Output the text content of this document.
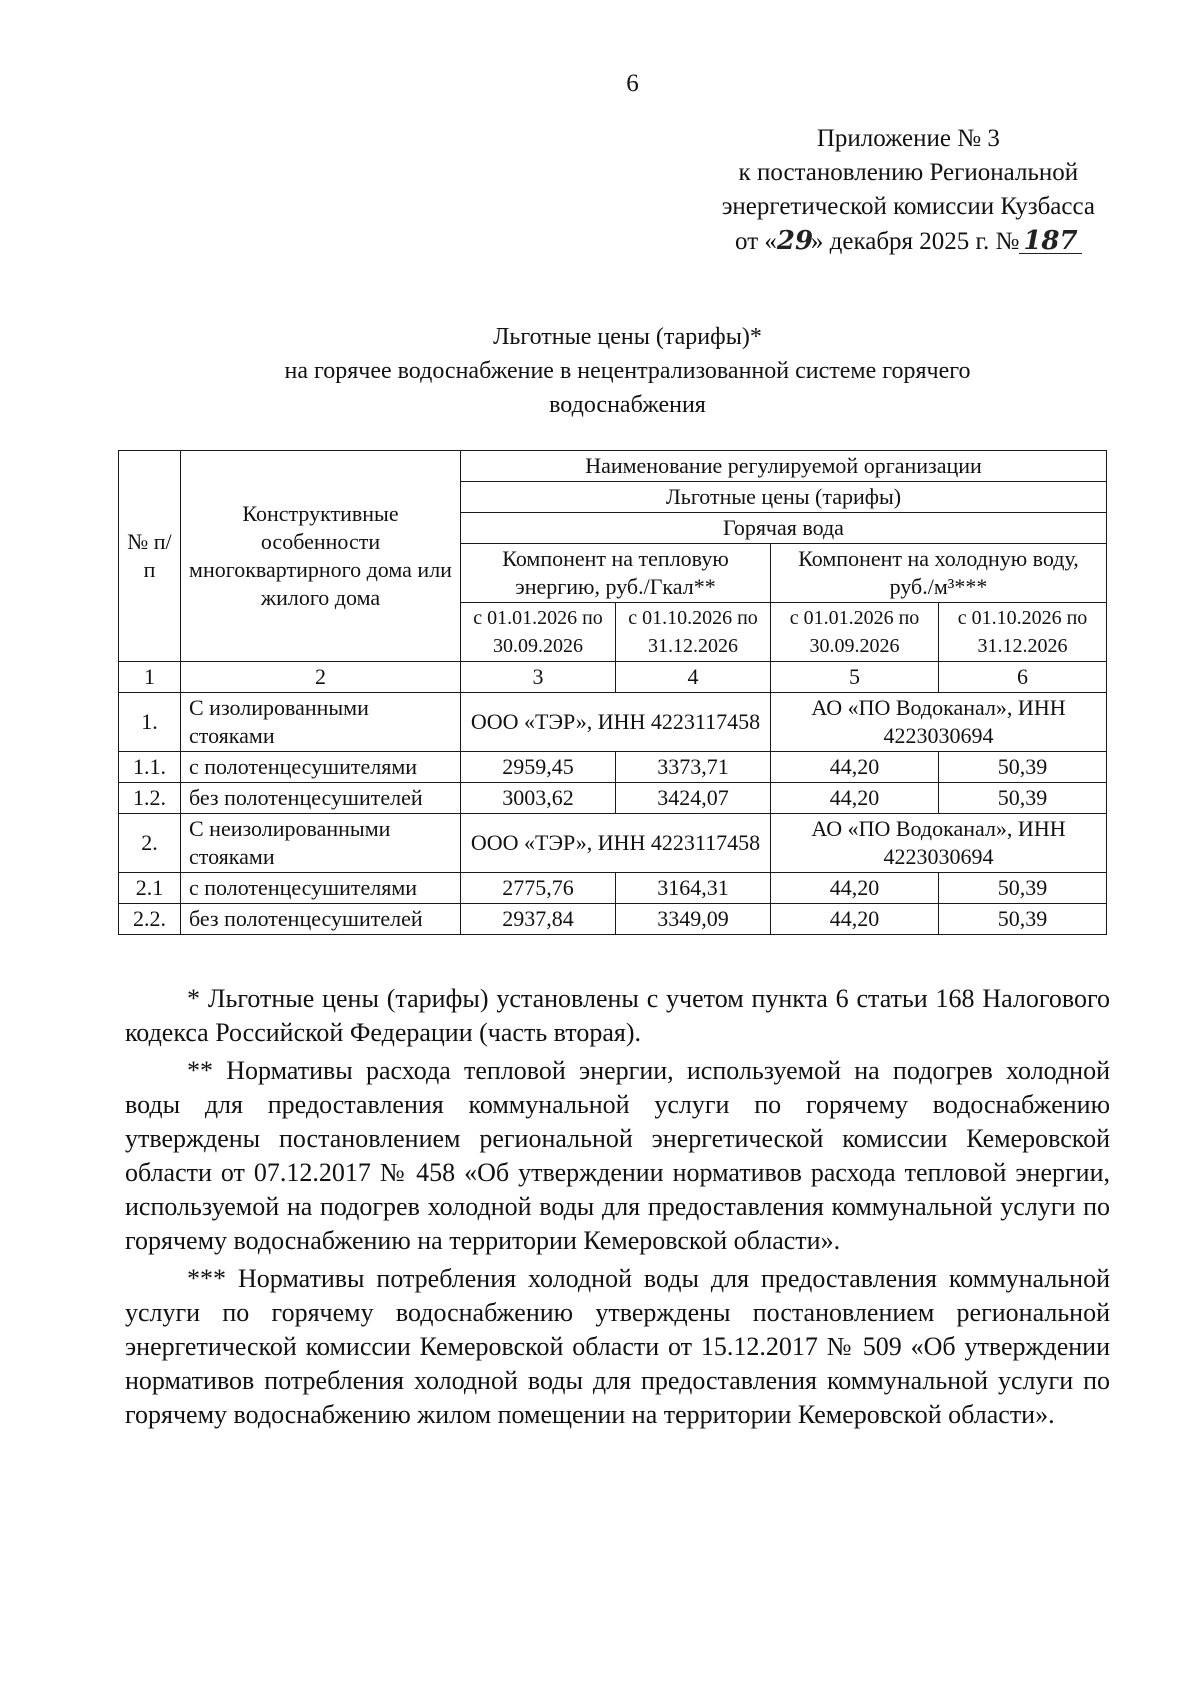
6
Приложение № 3
к постановлению Региональной
энергетической комиссии Кузбасса
от «29» декабря 2025 г. № 187
Льготные цены (тарифы)*
на горячее водоснабжение в нецентрализованной системе горячего
водоснабжения
№ п/п	Конструктивные особенности многоквартирного дома или жилого дома	Наименование регулируемой организации			
		Льготные цены (тарифы)			
		Горячая вода			
		Компонент на тепловую энергию, руб./Гкал**		Компонент на холодную воду, руб./м³***	
		с 01.01.2026 по 30.09.2026	с 01.10.2026 по 31.12.2026	с 01.01.2026 по 30.09.2026	с 01.10.2026 по 31.12.2026
1	2	3	4	5	6
1.	С изолированными стояками	ООО «ТЭР», ИНН 4223117458		АО «ПО Водоканал», ИНН 4223030694	
1.1.	с полотенцесушителями	2959,45	3373,71	44,20	50,39
1.2.	без полотенцесушителей	3003,62	3424,07	44,20	50,39
2.	С неизолированными стояками	ООО «ТЭР», ИНН 4223117458		АО «ПО Водоканал», ИНН 4223030694	
2.1	с полотенцесушителями	2775,76	3164,31	44,20	50,39
2.2.	без полотенцесушителей	2937,84	3349,09	44,20	50,39

* Льготные цены (тарифы) установлены с учетом пункта 6 статьи 168 Налогового кодекса Российской Федерации (часть вторая).

** Нормативы расхода тепловой энергии, используемой на подогрев холодной воды для предоставления коммунальной услуги по горячему водоснабжению утверждены постановлением региональной энергетической комиссии Кемеровской области от 07.12.2017 № 458 «Об утверждении нормативов расхода тепловой энергии, используемой на подогрев холодной воды для предоставления коммунальной услуги по горячему водоснабжению на территории Кемеровской области».

*** Нормативы потребления холодной воды для предоставления коммунальной услуги по горячему водоснабжению утверждены постановлением региональной энергетической комиссии Кемеровской области от 15.12.2017 № 509 «Об утверждении нормативов потребления холодной воды для предоставления коммунальной услуги по горячему водоснабжению жилом помещении на территории Кемеровской области».
